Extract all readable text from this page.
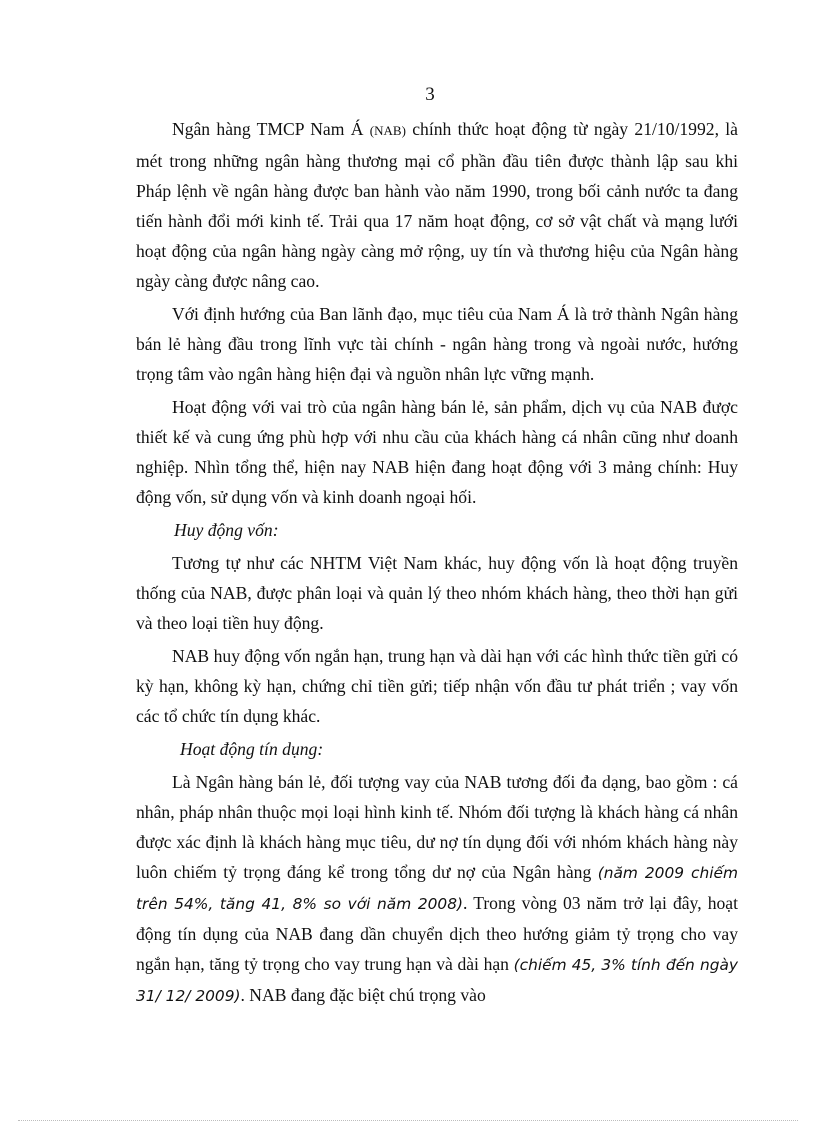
3

Ngân hàng TMCP Nam Á (NAB) chính thức hoạt động từ ngày 21/10/1992, là mét trong những ngân hàng thương mại cổ phần đầu tiên được thành lập sau khi Pháp lệnh về ngân hàng được ban hành vào năm 1990, trong bối cảnh nước ta đang tiến hành đổi mới kinh tế. Trải qua 17 năm hoạt động, cơ sở vật chất và mạng lưới hoạt động của ngân hàng ngày càng mở rộng, uy tín và thương hiệu của Ngân hàng ngày càng được nâng cao.

Với định hướng của Ban lãnh đạo, mục tiêu của Nam Á là trở thành Ngân hàng bán lẻ hàng đầu trong lĩnh vực tài chính - ngân hàng trong và ngoài nước, hướng trọng tâm vào ngân hàng hiện đại và nguồn nhân lực vững mạnh.

Hoạt động với vai trò của ngân hàng bán lẻ, sản phẩm, dịch vụ của NAB được thiết kế và cung ứng phù hợp với nhu cầu của khách hàng cá nhân cũng như doanh nghiệp. Nhìn tổng thể, hiện nay NAB hiện đang hoạt động với 3 mảng chính: Huy động vốn, sử dụng vốn và kinh doanh ngoại hối.

Huy động vốn:

Tương tự như các NHTM Việt Nam khác, huy động vốn là hoạt động truyền thống của NAB, được phân loại và quản lý theo nhóm khách hàng, theo thời hạn gửi và theo loại tiền huy động.

NAB huy động vốn ngắn hạn, trung hạn và dài hạn với các hình thức tiền gửi có kỳ hạn, không kỳ hạn, chứng chỉ tiền gửi; tiếp nhận vốn đầu tư phát triển ; vay vốn các tổ chức tín dụng khác.

Hoạt động tín dụng:

Là Ngân hàng bán lẻ, đối tượng vay của NAB tương đối đa dạng, bao gồm : cá nhân, pháp nhân thuộc mọi loại hình kinh tế. Nhóm đối tượng là khách hàng cá nhân được xác định là khách hàng mục tiêu, dư nợ tín dụng đối với nhóm khách hàng này luôn chiếm tỷ trọng đáng kể trong tổng dư nợ của Ngân hàng (năm 2009 chiếm trên 54%, tăng 41, 8% so với năm 2008). Trong vòng 03 năm trở lại đây, hoạt động tín dụng của NAB đang dần chuyển dịch theo hướng giảm tỷ trọng cho vay ngắn hạn, tăng tỷ trọng cho vay trung hạn và dài hạn (chiếm 45, 3% tính đến ngày 31/ 12/ 2009). NAB đang đặc biệt chú trọng vào
